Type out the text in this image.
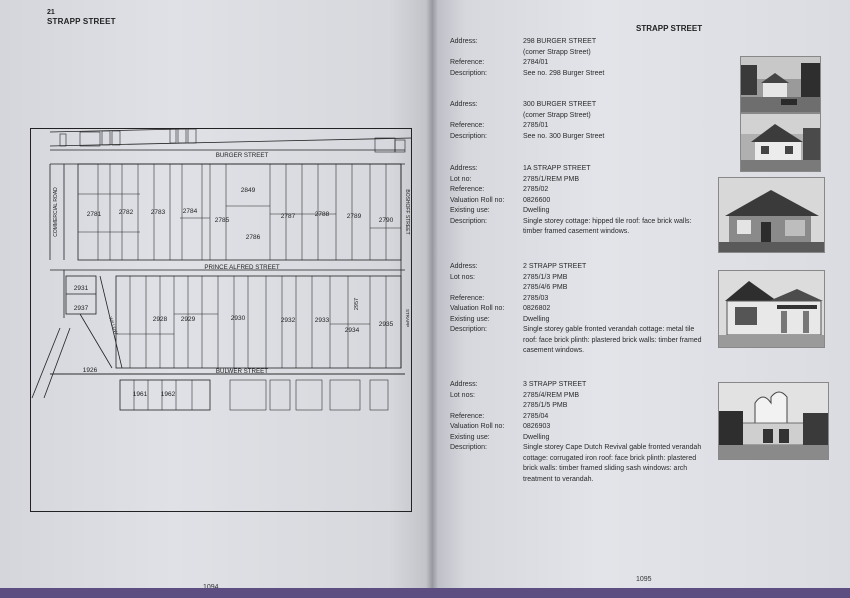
21
STRAPP STREET
BURGER STREET
PRINCE ALFRED STREET
BULWER STREET
COMMERCIAL ROAD	BOSHOFF STREET
WILLOW	STRAPP
2849
2781	2782	2783	2784
2785
2786
2787	2788	2789
2790
2931
2937
2928 2929	2930	2932	2933
2934
2935
1926
1961 1962
2957
STRAPP STREET
Address:	298 BURGER STREET
(corner Strapp Street)
Reference:	2784/01
Description:	See no. 298 Burger Street
Address:	300 BURGER STREET
(corner Strapp Street)
Reference:	2785/01
Description:	See no. 300 Burger Street
Address:	1A STRAPP STREET
Lot no:	2785/1/REM PMB
Reference:	2785/02
Valuation Roll no:	0826600
Existing use:	Dwelling
Description:	Single storey cottage: hipped tile roof: face brick walls: timber framed casement windows.
Address:	2 STRAPP STREET
Lot nos:	2785/1/3 PMB
2785/4/6 PMB
Reference:	2785/03
Valuation Roll no:	0826802
Existing use:	Dwelling
Description:	Single storey gable fronted verandah cottage: metal tile roof: face brick plinth: plastered brick walls: timber framed casement windows.
Address:	3 STRAPP STREET
Lot nos:	2785/4/REM PMB
2785/1/5 PMB
Reference:	2785/04
Valuation Roll no:	0826903
Existing use:	Dwelling
Description:	Single storey Cape Dutch Revival gable fronted verandah cottage: corrugated iron roof: face brick plinth: plastered brick walls: timber framed sliding sash windows: arch treatment to verandah.
1095
